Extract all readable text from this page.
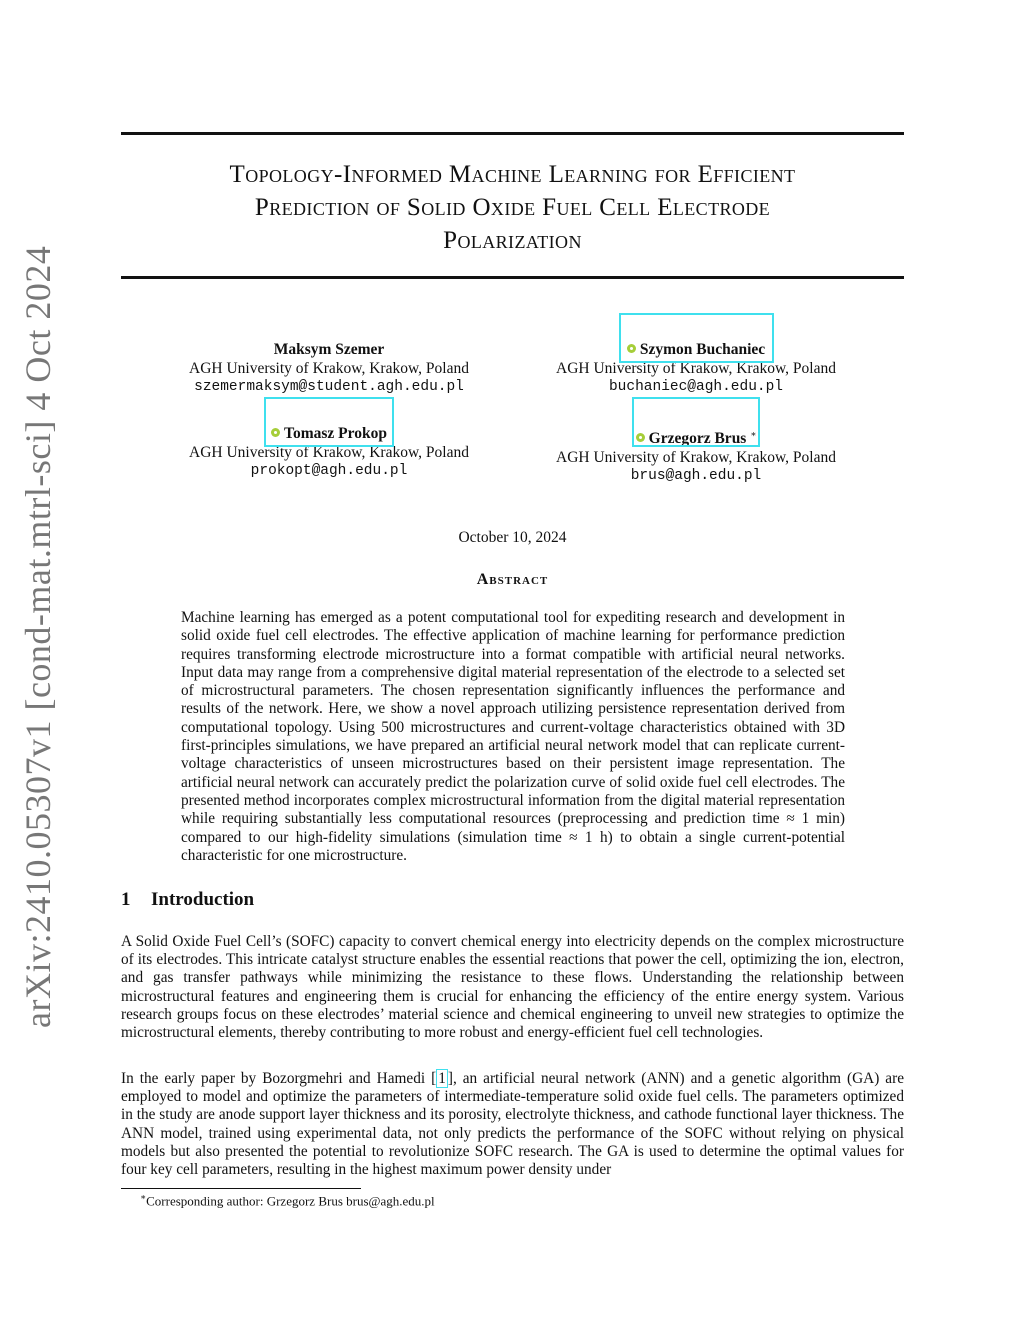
arXiv:2410.05307v1 [cond-mat.mtrl-sci] 4 Oct 2024
Topology-Informed Machine Learning for Efficient
Prediction of Solid Oxide Fuel Cell Electrode
Polarization
Maksym Szemer
AGH University of Krakow, Krakow, Poland
szemermaksym@student.agh.edu.pl
Szymon Buchaniec
AGH University of Krakow, Krakow, Poland
buchaniec@agh.edu.pl
Tomasz Prokop
AGH University of Krakow, Krakow, Poland
prokopt@agh.edu.pl
Grzegorz Brus ∗
AGH University of Krakow, Krakow, Poland
brus@agh.edu.pl
October 10, 2024
Abstract
Machine learning has emerged as a potent computational tool for expediting research and development in solid oxide fuel cell electrodes. The effective application of machine learning for performance prediction requires transforming electrode microstructure into a format compatible with artificial neural networks. Input data may range from a comprehensive digital material representation of the electrode to a selected set of microstructural parameters. The chosen representation significantly influences the performance and results of the network. Here, we show a novel approach utilizing persistence representation derived from computational topology. Using 500 microstructures and current-voltage characteristics obtained with 3D first-principles simulations, we have prepared an artificial neural network model that can replicate current-voltage characteristics of unseen microstructures based on their persistent image representation. The artificial neural network can accurately predict the polarization curve of solid oxide fuel cell electrodes. The presented method incorporates complex microstructural information from the digital material representation while requiring substantially less computational resources (preprocessing and prediction time ≈ 1 min) compared to our high-fidelity simulations (simulation time ≈ 1 h) to obtain a single current-potential characteristic for one microstructure.
1 Introduction
A Solid Oxide Fuel Cell’s (SOFC) capacity to convert chemical energy into electricity depends on the complex microstructure of its electrodes. This intricate catalyst structure enables the essential reactions that power the cell, optimizing the ion, electron, and gas transfer pathways while minimizing the resistance to these flows. Understanding the relationship between microstructural features and engineering them is crucial for enhancing the efficiency of the entire energy system. Various research groups focus on these electrodes’ material science and chemical engineering to unveil new strategies to optimize the microstructural elements, thereby contributing to more robust and energy-efficient fuel cell technologies.
In the early paper by Bozorgmehri and Hamedi [ 1 ], an artificial neural network (ANN) and a genetic algorithm (GA) are employed to model and optimize the parameters of intermediate-temperature solid oxide fuel cells. The parameters optimized in the study are anode support layer thickness and its porosity, electrolyte thickness, and cathode functional layer thickness. The ANN model, trained using experimental data, not only predicts the performance of the SOFC without relying on physical models but also presented the potential to revolutionize SOFC research. The GA is used to determine the optimal values for four key cell parameters, resulting in the highest maximum power density under
∗Corresponding author: Grzegorz Brus brus@agh.edu.pl
